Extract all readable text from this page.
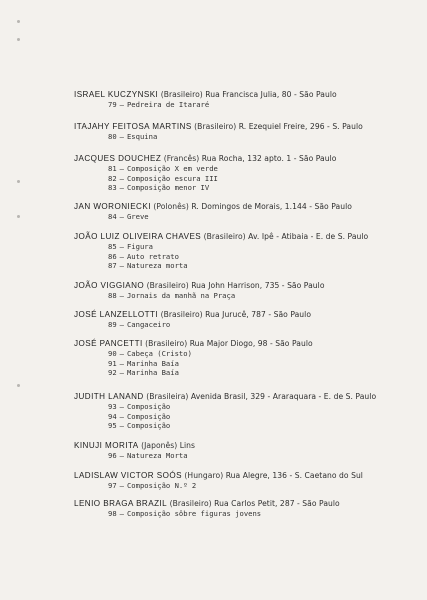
ISRAEL KUCZYNSKI (Brasileiro) Rua Francisca Julia, 80 - São Paulo
79 — Pedreira de Itararé
ITAJAHY FEITOSA MARTINS (Brasileiro) R. Ezequiel Freire, 296 - S. Paulo
80 — Esquina
JACQUES DOUCHEZ (Francês) Rua Rocha, 132 apto. 1 - São Paulo
81 — Composição X em verde
82 — Composição escura III
83 — Composição menor IV
JAN WORONIECKI (Polonês) R. Domingos de Morais, 1.144 - São Paulo
84 — Greve
JOÃO LUIZ OLIVEIRA CHAVES (Brasileiro) Av. Ipê - Atibaia - E. de S. Paulo
85 — Figura
86 — Auto retrato
87 — Natureza morta
JOÃO VIGGIANO (Brasileiro) Rua John Harrison, 735 - São Paulo
88 — Jornais da manhã na Praça
JOSÉ LANZELLOTTI (Brasileiro) Rua Jurucê, 787 - São Paulo
89 — Cangaceiro
JOSÉ PANCETTI (Brasileiro) Rua Major Diogo, 98 - São Paulo
90 — Cabeça (Cristo)
91 — Marinha Baía
92 — Marinha Baía
JUDITH LANAND (Brasileira) Avenida Brasil, 329 - Araraquara - E. de S. Paulo
93 — Composição
94 — Composição
95 — Composição
KINUJI MORITA (Japonês) Lins
96 — Natureza Morta
LADISLAW VICTOR SOÓS (Hungaro) Rua Alegre, 136 - S. Caetano do Sul
97 — Composição N.º 2
LENIO BRAGA BRAZIL (Brasileiro) Rua Carlos Petit, 287 - São Paulo
98 — Composição sôbre figuras jovens
